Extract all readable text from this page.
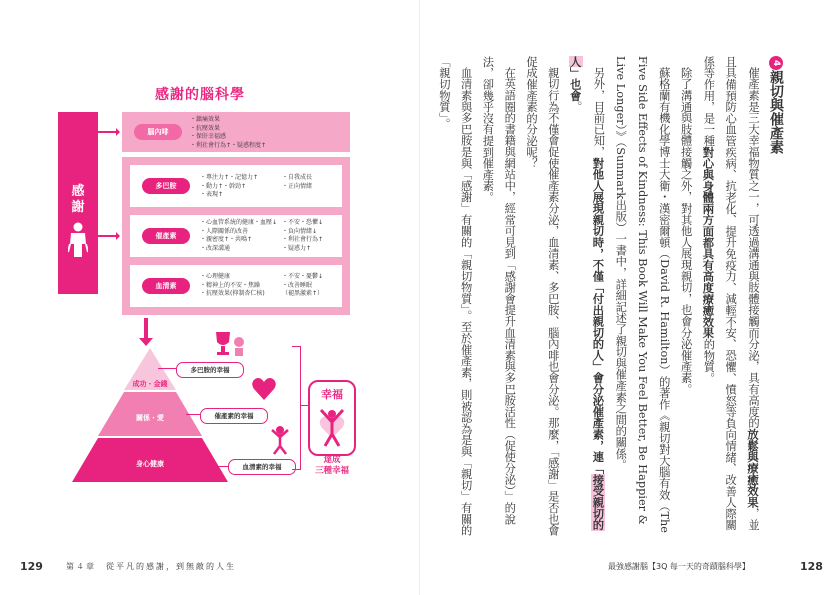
感謝的腦科學
感謝
腦內啡
・鎮痛效果
・抗壓效果
・保肝幸福感
・利社會行為↑・疑惑程度↑
多巴胺
・專注力↑・記憶力↑
・動力↑・幹勁↑
・表現↑
・自我成長
・正向情緒
催產素
・心血管系統的健康・血壓↓
・人際關係的改善
・親密度↑・共鳴↑
・改深溝通
・不安・恐懼↓
・負向情緒↓
・利社會行為↑
・疑惑力↑
血清素
・心理健康
・精神上的不安・焦躁
・抗壓效果(抑制杏仁核)
・不安・憂鬱↓
・改善睡眠
（褪黑激素↑）
成功・金錢
關係・愛
身心健康
多巴胺的幸福
催產素的幸福
血清素的幸福
幸福
達成
三種幸福
129	第４章　從平凡的感謝，到無敵的人生	最強感謝腦【3Q 每一天的奇蹟腦科學】	128

4親切與催產素

催產素是三大幸福物質之一，可透過溝通與肢體接觸而分泌，具有高度的放鬆與療癒效果，並且具備預防心血管疾病、抗老化、提升免疫力、減輕不安、恐懼、憤怒等負向情緒、改善人際關係等作用，是一種對心與身體兩方面都具有高度療癒效果的物質。

除了溝通與肢體接觸之外，對其他人展現親切，也會分泌催產素。

蘇格蘭有機化學博士大衛・漢密爾頓（David R. Hamilton）的著作《親切對大腦有效（The Five Side Effects of Kindness: This Book Will Make You Feel Better, Be Happier & Live Longer）》（Sunmark出版）一書中，詳細記述了親切與催產素之間的關係。

另外，目前已知，對他人展現親切時，不僅「付出親切的人」會分泌催產素，連「接受親切的人」也會。

親切行為不僅會促使催產素分泌，血清素、多巴胺、腦內啡也會分泌。那麼，「感謝」是否也會促成催產素的分泌呢？

在英語圈的書籍與網站中，經常可見到「感謝會提升血清素與多巴胺活性（促使分泌）」的說法，卻幾乎沒有提到催產素。

血清素與多巴胺是與「感謝」有關的「親切物質」。至於催產素，則被認為是與「親切」有關的「親切物質」。
